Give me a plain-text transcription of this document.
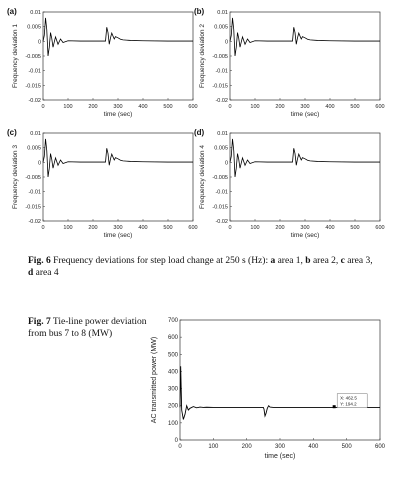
0	100	200	300	400	500	600
0.01
0.005
0
-0.005
-0.01
-0.015
-0.02
time (sec)
Frequency deviation 1
(a)
0	100	200	300	400	500	600
0.01
0.005
0
-0.005
-0.01
-0.015
-0.02
time (sec)
Frequency deviation 2
(b)
0	100	200	300	400	500	600
0.01
0.005
0
-0.005
-0.01
-0.015
-0.02
time (sec)
Frequency deviation 3
(c)
0	100	200	300	400	500	600
0.01
0.005
0
-0.005
-0.01
-0.015
-0.02
time (sec)
Frequency deviation 4
(d)
0	100	200	300	400	500	600
0
100
200
300
400
500
600
700
time (sec)
AC transmitted power (MW)	X: 462.5
Y: 194.2
Fig. 6 Frequency deviations for step load change at 250 s (Hz): a area 1, b area 2, c area 3,
d area 4
Fig. 7 Tie-line power deviation from bus 7 to 8 (MW)
